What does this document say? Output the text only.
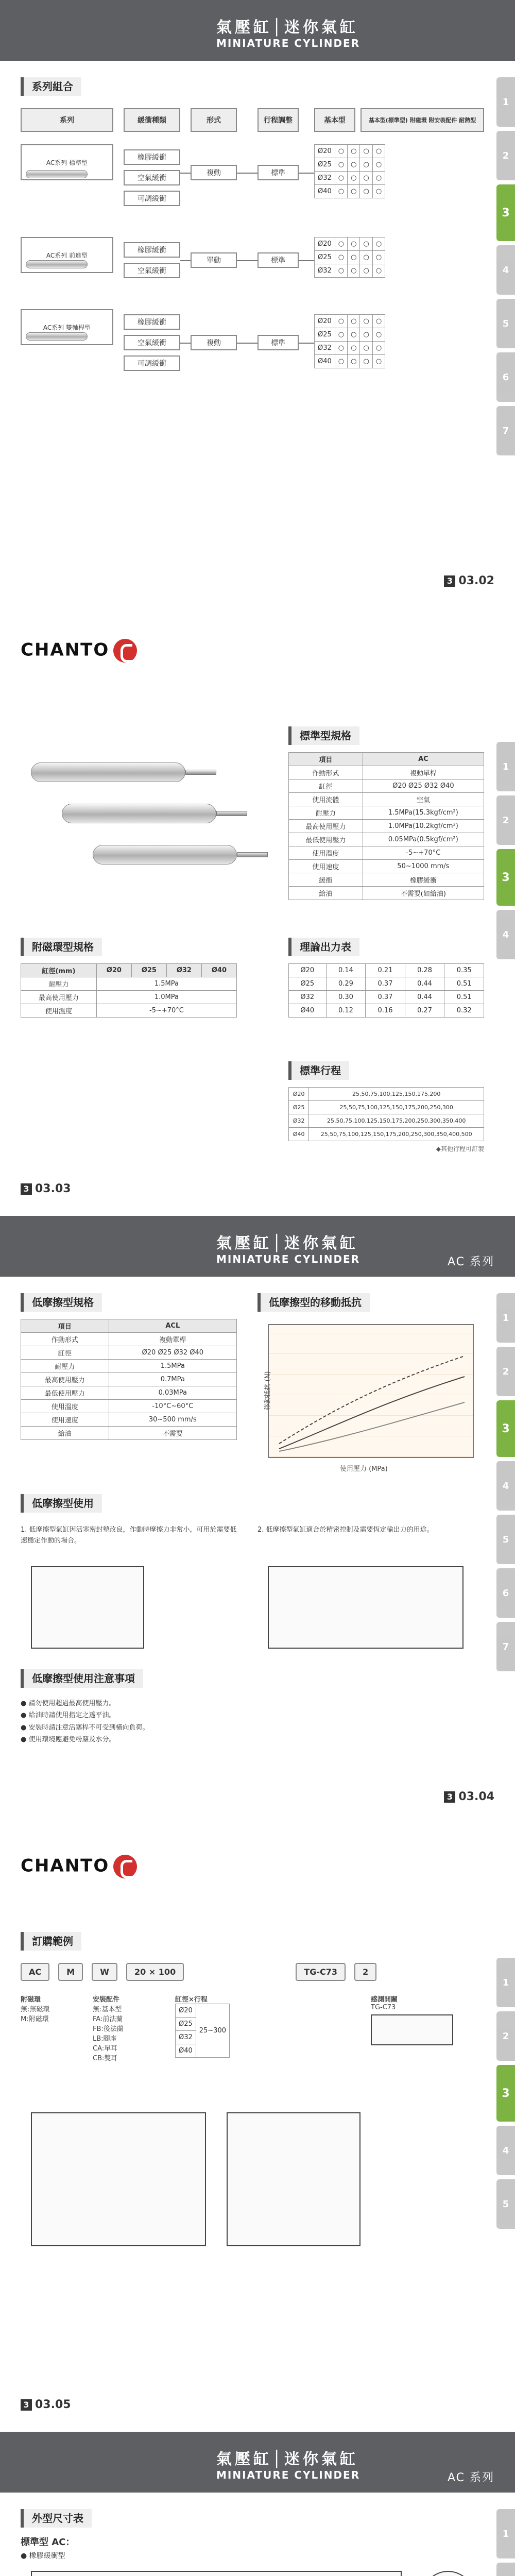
氣壓缸│迷你氣缸
MINIATURE CYLINDER
1
2
3
4
5
6
7
系列組合
系列	緩衝種類	形式	行程調整	基本型	基本型(標準型) 附磁環 附安裝配件 耐熱型
AC系列 標準型
橡膠緩衝
空氣緩衝
可調緩衝
複動	標準
Ø20	○	○	○	○
Ø25	○	○	○	○
Ø32	○	○	○	○
Ø40	○	○	○	○
AC系列 前進型
橡膠緩衝
空氣緩衝
單動	標準
Ø20	○	○	○	○
Ø25	○	○	○	○
Ø32	○	○	○	○
AC系列 雙軸桿型
橡膠緩衝
空氣緩衝
可調緩衝
複動	標準
Ø20	○	○	○	○
Ø25	○	○	○	○
Ø32	○	○	○	○
Ø40	○	○	○	○
3 03.02
CHANTO
1
2
3
4
標準型規格
項目	AC
作動形式	複動單桿
缸徑	Ø20 Ø25 Ø32 Ø40
使用流體	空氣
耐壓力	1.5MPa(15.3kgf/cm²)
最高使用壓力	1.0MPa(10.2kgf/cm²)
最低使用壓力	0.05MPa(0.5kgf/cm²)
使用溫度	-5~+70°C
使用速度	50~1000 mm/s
緩衝	橡膠緩衝
給油	不需要(如給油)
附磁環型規格
缸徑(mm)	Ø20	Ø25	Ø32	Ø40
耐壓力	1.5MPa			
最高使用壓力	1.0MPa			
使用溫度	-5~+70°C			
理論出力表
Ø20	0.14	0.21	0.28	0.35
Ø25	0.29	0.37	0.44	0.51
Ø32	0.30	0.37	0.44	0.51
Ø40	0.12	0.16	0.27	0.32
標準行程
Ø20	25,50,75,100,125,150,175,200
Ø25	25,50,75,100,125,150,175,200,250,300
Ø32	25,50,75,100,125,150,175,200,250,300,350,400
Ø40	25,50,75,100,125,150,175,200,250,300,350,400,500
◆其他行程可訂製
3 03.03
氣壓缸│迷你氣缸
MINIATURE CYLINDER	AC 系列
1
2
3
4
5
6
7
低摩擦型規格
項目	ACL
作動形式	複動單桿
缸徑	Ø20 Ø25 Ø32 Ø40
耐壓力	1.5MPa
最高使用壓力	0.7MPa
最低使用壓力	0.03MPa
使用溫度	-10°C~60°C
使用速度	30~500 mm/s
給油	不需要
低摩擦型的移動抵抗
使用壓力 (MPa)
移動抵抗 (N)
低摩擦型使用
1. 低摩擦型氣缸因活塞密封墊改良，作動時摩擦力非常小，可用於需要低速穩定作動的場合。
2. 低摩擦型氣缸適合於精密控制及需要恆定輸出力的用途。
低摩擦型使用注意事項
● 請勿使用超過最高使用壓力。
● 給油時請使用指定之透平油。
● 安裝時請注意活塞桿不可受到橫向負荷。
● 使用環境應避免粉塵及水分。
3 03.04
CHANTO
1
2
3
4
5
訂購範例
AC	M	W	20 × 100	TG-C73	2
附磁環
無:無磁環
M:附磁環
安裝配件
無:基本型
FA:前法蘭
FB:後法蘭
LB:腳座
CA:單耳
CB:雙耳
缸徑×行程
Ø20	25~300
Ø25
Ø32
Ø40
感測開關
TG-C73
3 03.05
氣壓缸│迷你氣缸
MINIATURE CYLINDER	AC 系列
1
外型尺寸表
標準型 AC：
● 橡膠緩衝型
